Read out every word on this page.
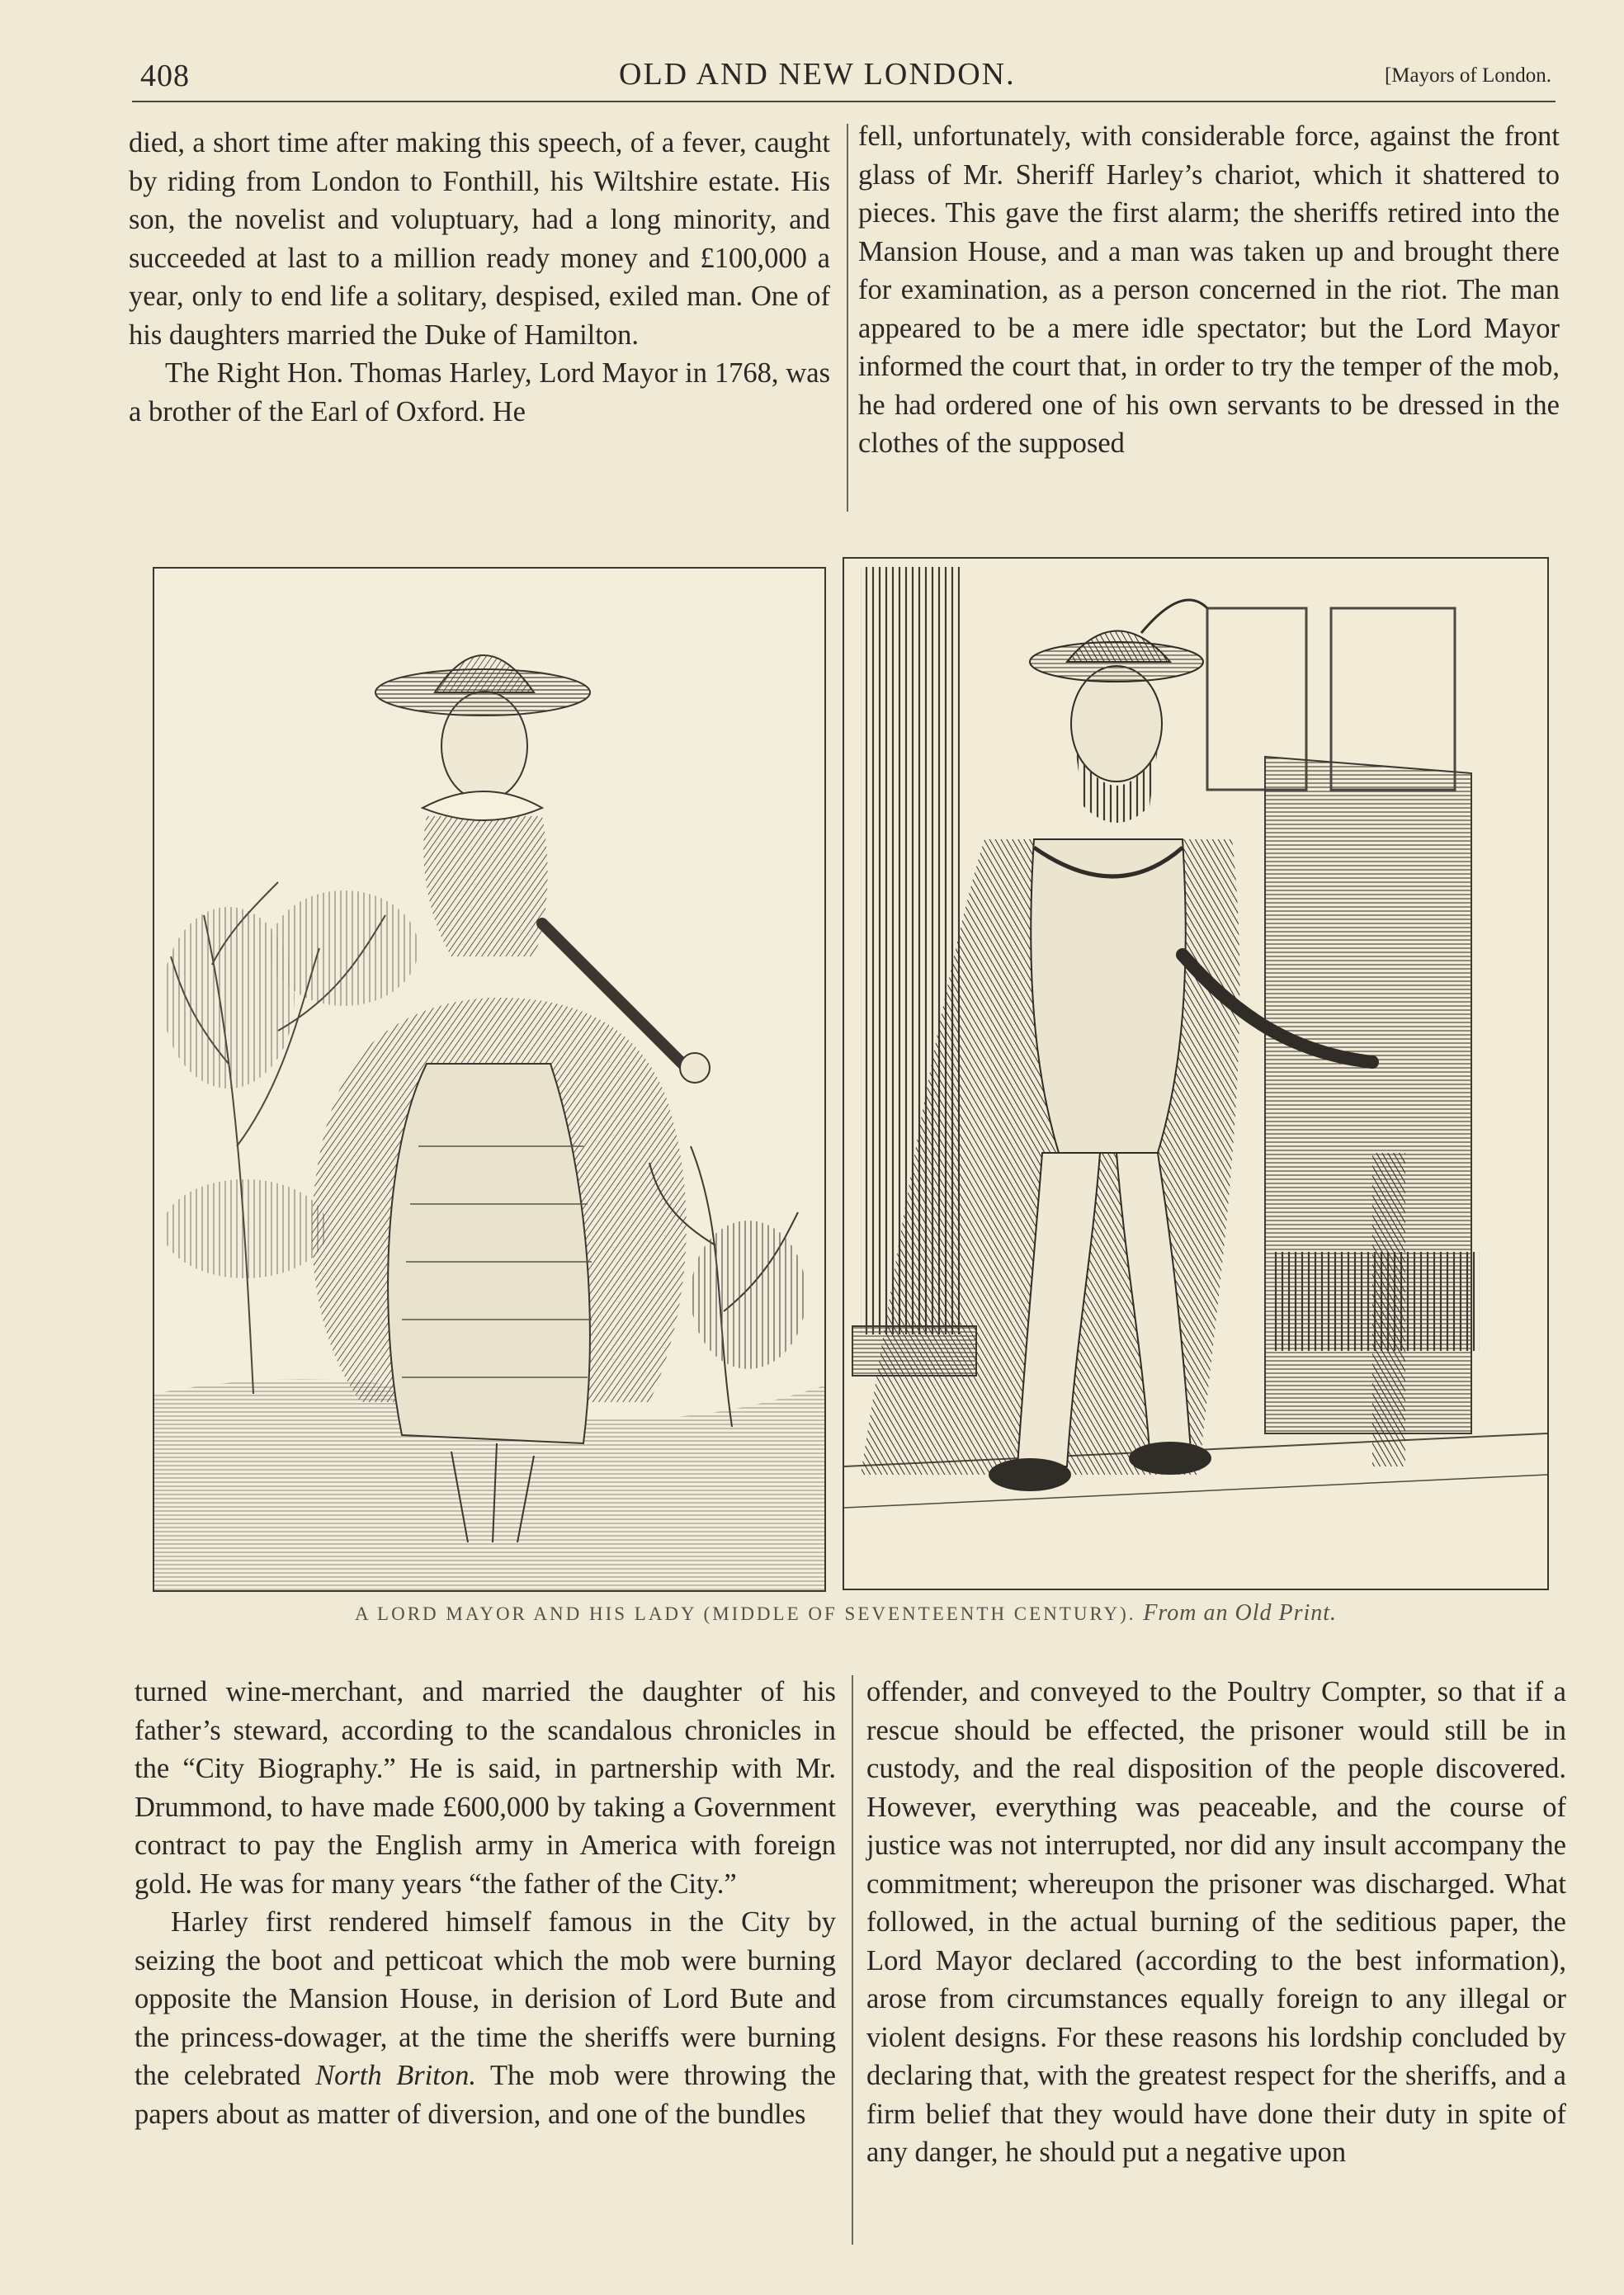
408	OLD AND NEW LONDON.	[Mayors of London.

died, a short time after making this speech, of a fever, caught by riding from London to Fonthill, his Wiltshire estate. His son, the novelist and voluptuary, had a long minority, and succeeded at last to a million ready money and £100,000 a year, only to end life a solitary, despised, exiled man. One of his daughters married the Duke of Hamilton.

The Right Hon. Thomas Harley, Lord Mayor in 1768, was a brother of the Earl of Oxford. He

fell, unfortunately, with considerable force, against the front glass of Mr. Sheriff Harley’s chariot, which it shattered to pieces. This gave the first alarm; the sheriffs retired into the Mansion House, and a man was taken up and brought there for examination, as a person concerned in the riot. The man appeared to be a mere idle spectator; but the Lord Mayor informed the court that, in order to try the temper of the mob, he had ordered one of his own servants to be dressed in the clothes of the supposed

A LORD MAYOR AND HIS LADY (MIDDLE OF SEVENTEENTH CENTURY). From an Old Print.

turned wine-merchant, and married the daughter of his father’s steward, according to the scandalous chronicles in the “City Biography.” He is said, in partnership with Mr. Drummond, to have made £600,000 by taking a Government contract to pay the English army in America with foreign gold. He was for many years “the father of the City.”

Harley first rendered himself famous in the City by seizing the boot and petticoat which the mob were burning opposite the Mansion House, in derision of Lord Bute and the princess-dowager, at the time the sheriffs were burning the celebrated North Briton. The mob were throwing the papers about as matter of diversion, and one of the bundles

offender, and conveyed to the Poultry Compter, so that if a rescue should be effected, the prisoner would still be in custody, and the real disposition of the people discovered. However, everything was peaceable, and the course of justice was not interrupted, nor did any insult accompany the commitment; whereupon the prisoner was discharged. What followed, in the actual burning of the seditious paper, the Lord Mayor declared (according to the best information), arose from circumstances equally foreign to any illegal or violent designs. For these reasons his lordship concluded by declaring that, with the greatest respect for the sheriffs, and a firm belief that they would have done their duty in spite of any danger, he should put a negative upon
